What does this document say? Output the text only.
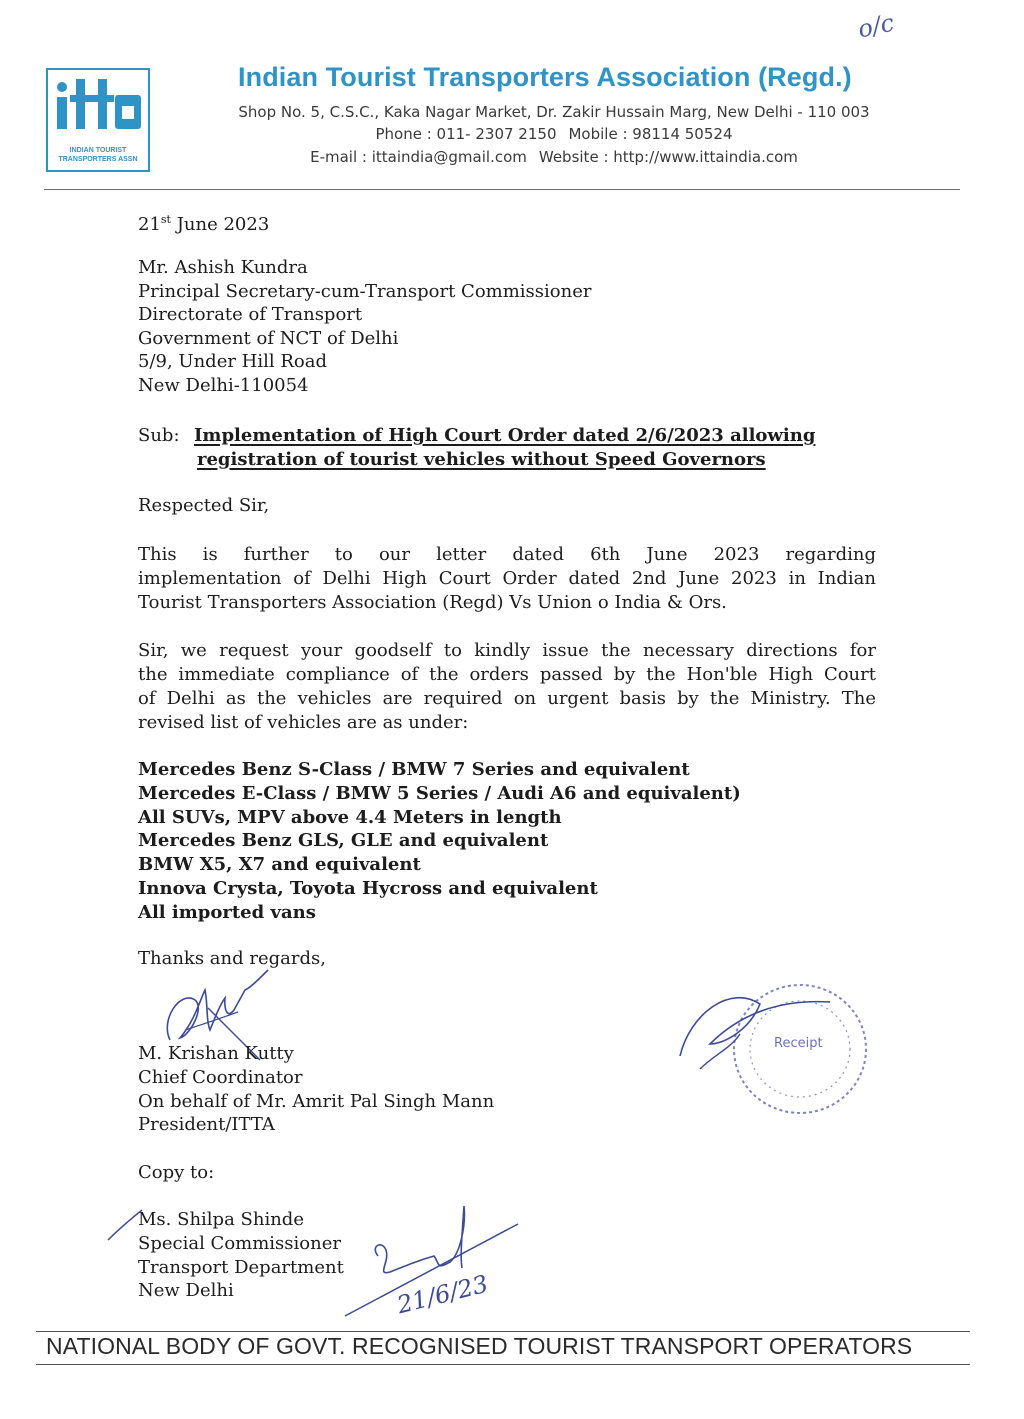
o/c
INDIAN TOURIST
TRANSPORTERS ASSN
Indian Tourist Transporters Association (Regd.)
Shop No. 5, C.S.C., Kaka Nagar Market, Dr. Zakir Hussain Marg, New Delhi - 110 003
Phone : 011- 2307 2150 Mobile : 98114 50524
E-mail : ittaindia@gmail.com Website : http://www.ittaindia.com
21st June 2023
Mr. Ashish Kundra
Principal Secretary-cum-Transport Commissioner
Directorate of Transport
Government of NCT of Delhi
5/9, Under Hill Road
New Delhi-110054
Sub: Implementation of High Court Order dated 2/6/2023 allowing
registration of tourist vehicles without Speed Governors
Respected Sir,
This is further to our letter dated 6th June 2023 regarding
implementation of Delhi High Court Order dated 2nd June 2023 in Indian
Tourist Transporters Association (Regd) Vs Union o India & Ors.
Sir, we request your goodself to kindly issue the necessary directions for
the immediate compliance of the orders passed by the Hon'ble High Court
of Delhi as the vehicles are required on urgent basis by the Ministry. The
revised list of vehicles are as under:
Mercedes Benz S-Class / BMW 7 Series and equivalent
Mercedes E-Class / BMW 5 Series / Audi A6 and equivalent)
All SUVs, MPV above 4.4 Meters in length
Mercedes Benz GLS, GLE and equivalent
BMW X5, X7 and equivalent
Innova Crysta, Toyota Hycross and equivalent
All imported vans
Thanks and regards,
M. Krishan Kutty
Chief Coordinator
On behalf of Mr. Amrit Pal Singh Mann
President/ITTA
Receipt
Copy to:
Ms. Shilpa Shinde
Special Commissioner
Transport Department
New Delhi	21/6/23
NATIONAL BODY OF GOVT. RECOGNISED TOURIST TRANSPORT OPERATORS
